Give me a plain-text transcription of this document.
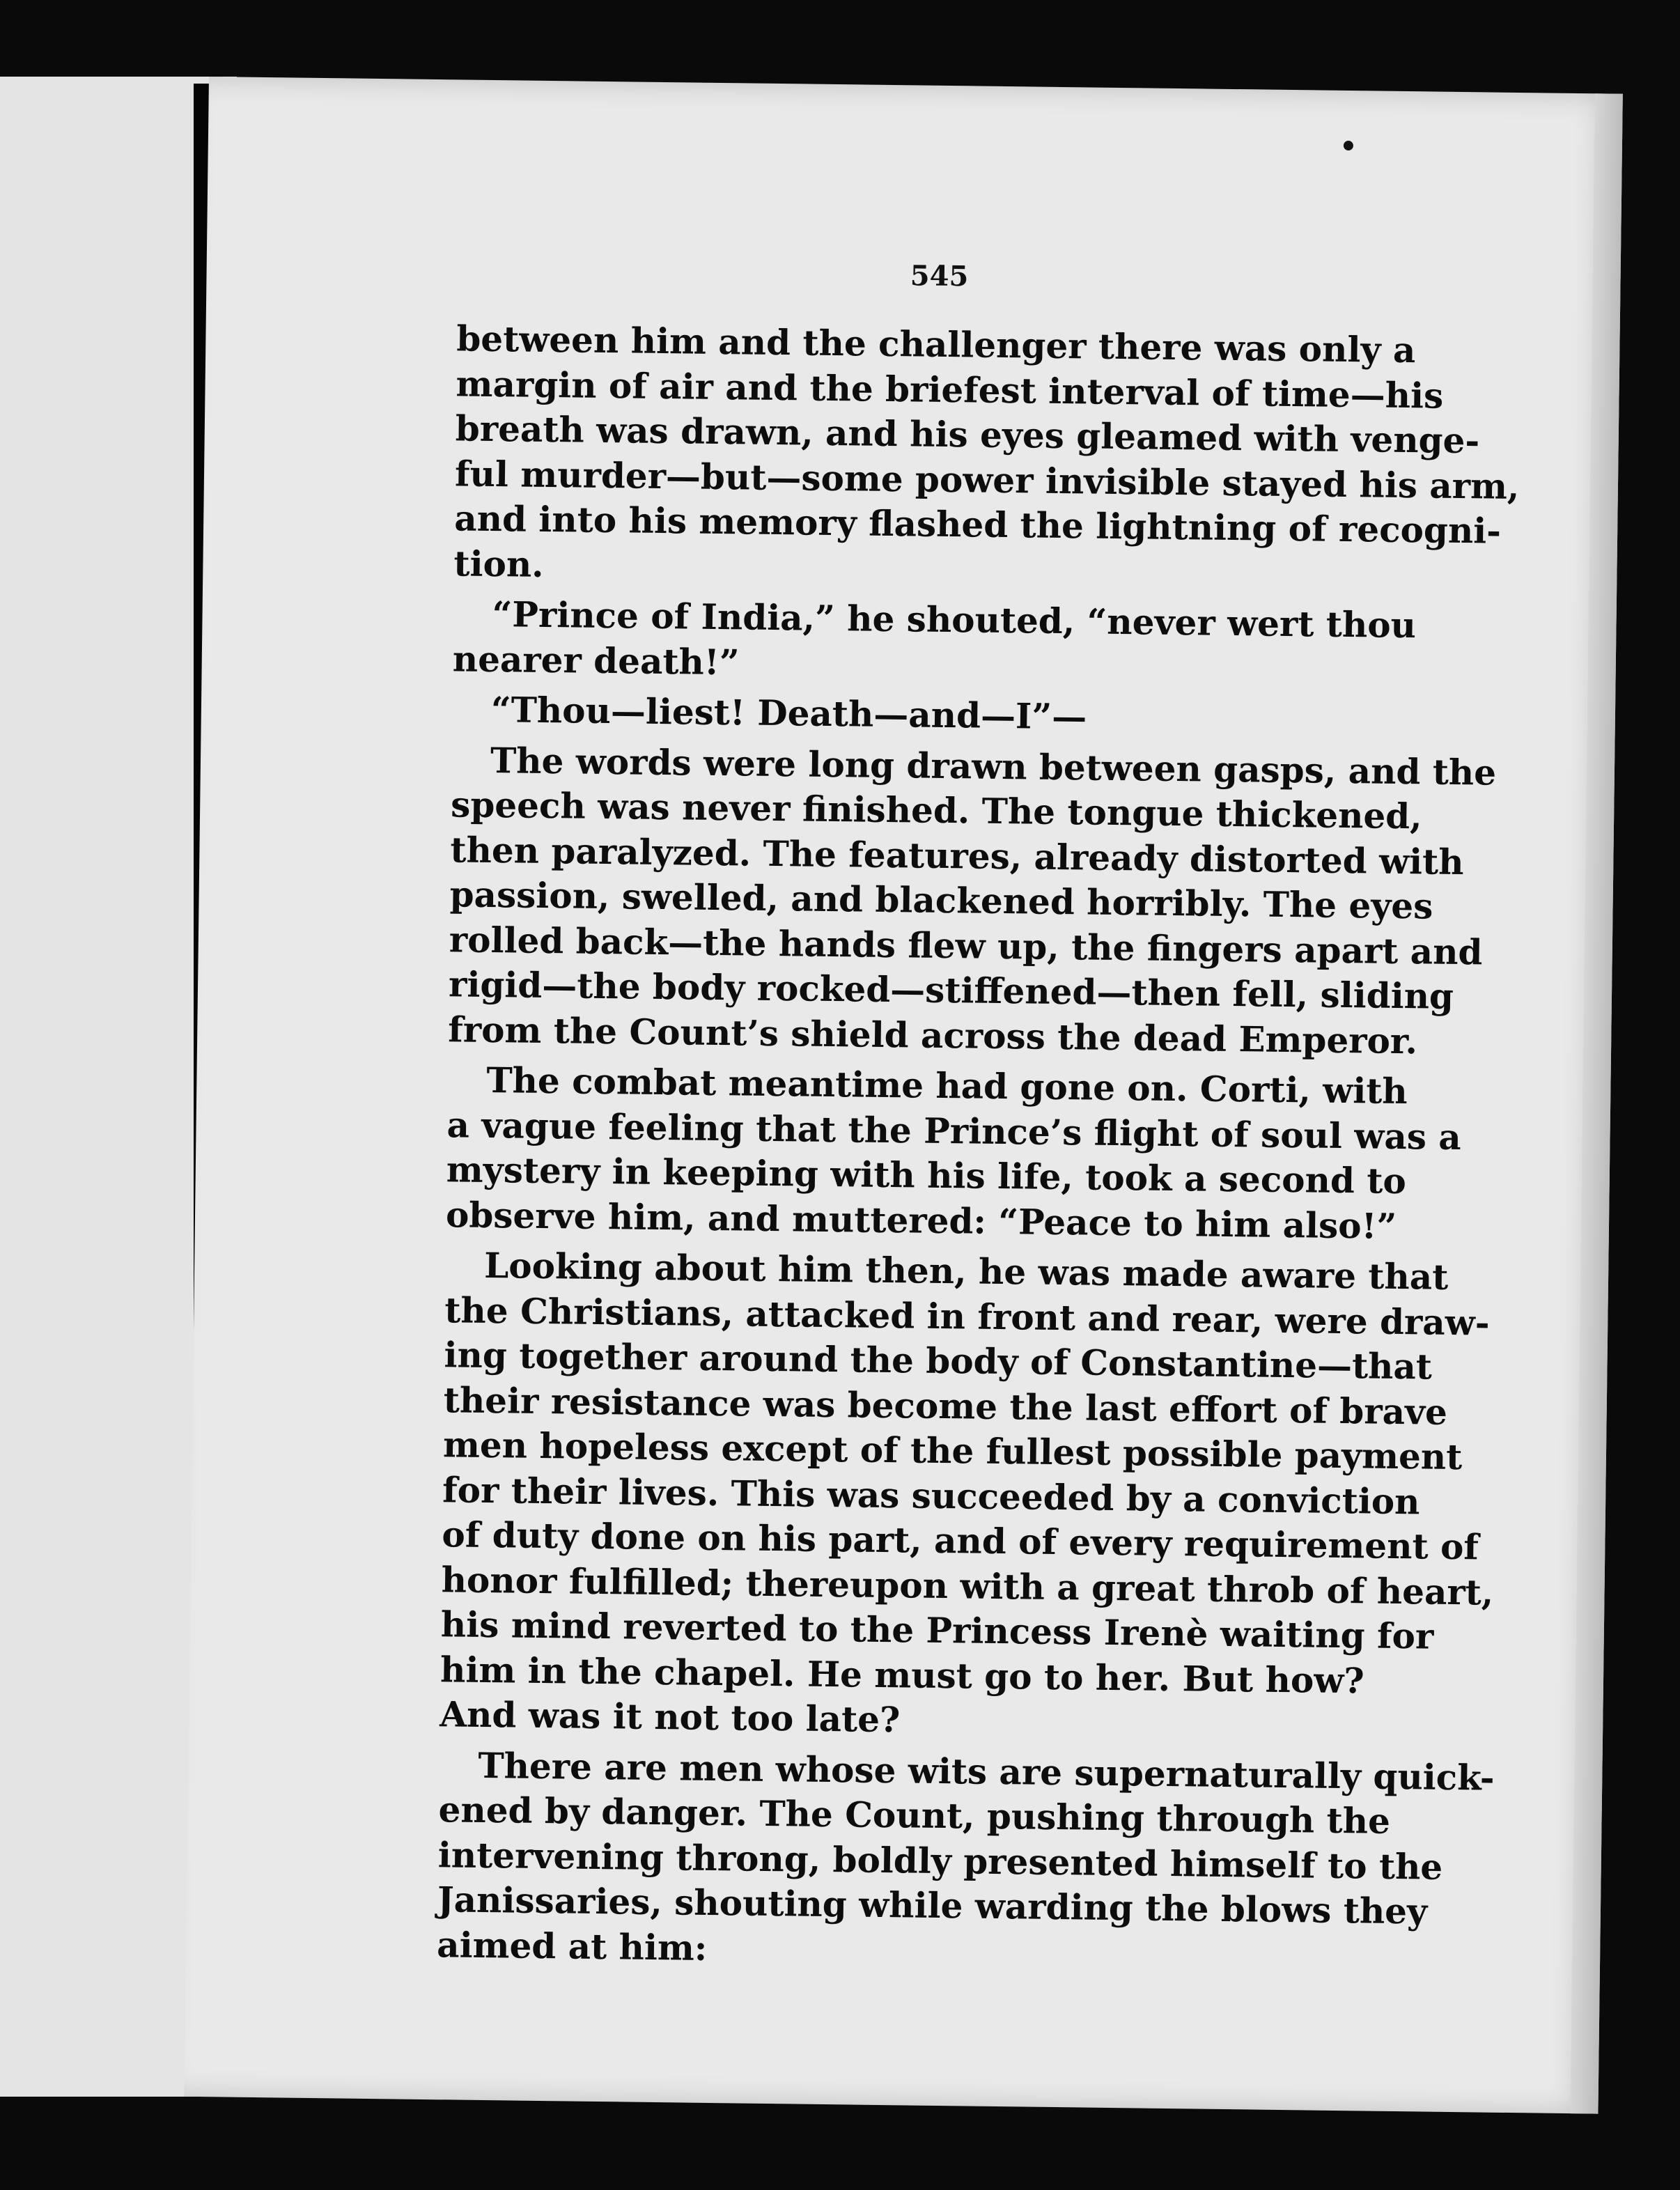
545
between him and the challenger there was only a
margin of air and the briefest interval of time—his
breath was drawn, and his eyes gleamed with venge-
ful murder—but—some power invisible stayed his arm,
and into his memory flashed the lightning of recogni-
tion.
“Prince of India,” he shouted, “never wert thou
nearer death!”
“Thou—liest! Death—and—I”—
The words were long drawn between gasps, and the
speech was never finished. The tongue thickened,
then paralyzed. The features, already distorted with
passion, swelled, and blackened horribly. The eyes
rolled back—the hands flew up, the fingers apart and
rigid—the body rocked—stiffened—then fell, sliding
from the Count’s shield across the dead Emperor.
The combat meantime had gone on. Corti, with
a vague feeling that the Prince’s flight of soul was a
mystery in keeping with his life, took a second to
observe him, and muttered: “Peace to him also!”
Looking about him then, he was made aware that
the Christians, attacked in front and rear, were draw-
ing together around the body of Constantine—that
their resistance was become the last effort of brave
men hopeless except of the fullest possible payment
for their lives. This was succeeded by a conviction
of duty done on his part, and of every requirement of
honor fulfilled; thereupon with a great throb of heart,
his mind reverted to the Princess Irenè waiting for
him in the chapel. He must go to her. But how?
And was it not too late?
There are men whose wits are supernaturally quick-
ened by danger. The Count, pushing through the
intervening throng, boldly presented himself to the
Janissaries, shouting while warding the blows they
aimed at him:
